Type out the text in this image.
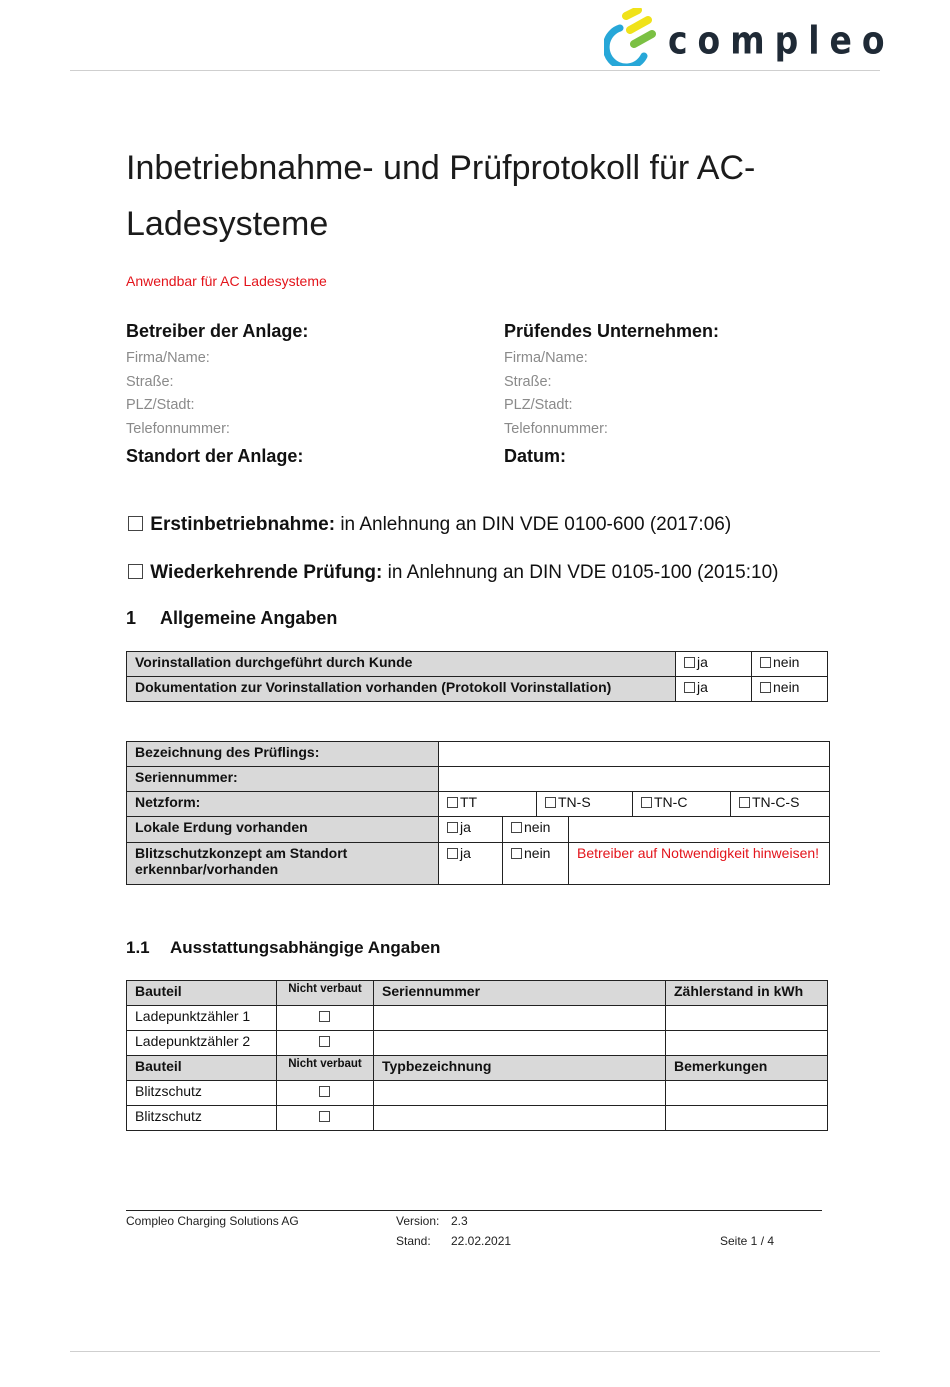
compleo
Inbetriebnahme- und Prüfprotokoll für AC-Ladesysteme
Anwendbar für AC Ladesysteme
Betreiber der Anlage:
Firma/Name:
Straße:
PLZ/Stadt:
Telefonnummer:
Standort der Anlage:
Prüfendes Unternehmen:
Firma/Name:
Straße:
PLZ/Stadt:
Telefonnummer:
Datum:
Erstinbetriebnahme: in Anlehnung an DIN VDE 0100-600 (2017:06)
Wiederkehrende Prüfung: in Anlehnung an DIN VDE 0105-100 (2015:10)
1 Allgemeine Angaben
Vorinstallation durchgeführt durch Kunde	ja	nein
Dokumentation zur Vorinstallation vorhanden (Protokoll Vorinstallation)	ja	nein
Bezeichnung des Prüflings:				
Seriennummer:				
Netzform:	TT	TN-S	TN-C	TN-C-S
Lokale Erdung vorhanden	ja	nein	
Blitzschutzkonzept am Standort erkennbar/vorhanden	ja	nein	Betreiber auf Notwendigkeit hinweisen!
1.1 Ausstattungsabhängige Angaben
Bauteil	Nicht verbaut	Seriennummer	Zählerstand in kWh
Ladepunktzähler 1			
Ladepunktzähler 2			
Bauteil	Nicht verbaut	Typbezeichnung	Bemerkungen
Blitzschutz			
Blitzschutz			
Compleo Charging Solutions AG	Version: 2.3
Stand: 22.02.2021	Seite 1 / 4
